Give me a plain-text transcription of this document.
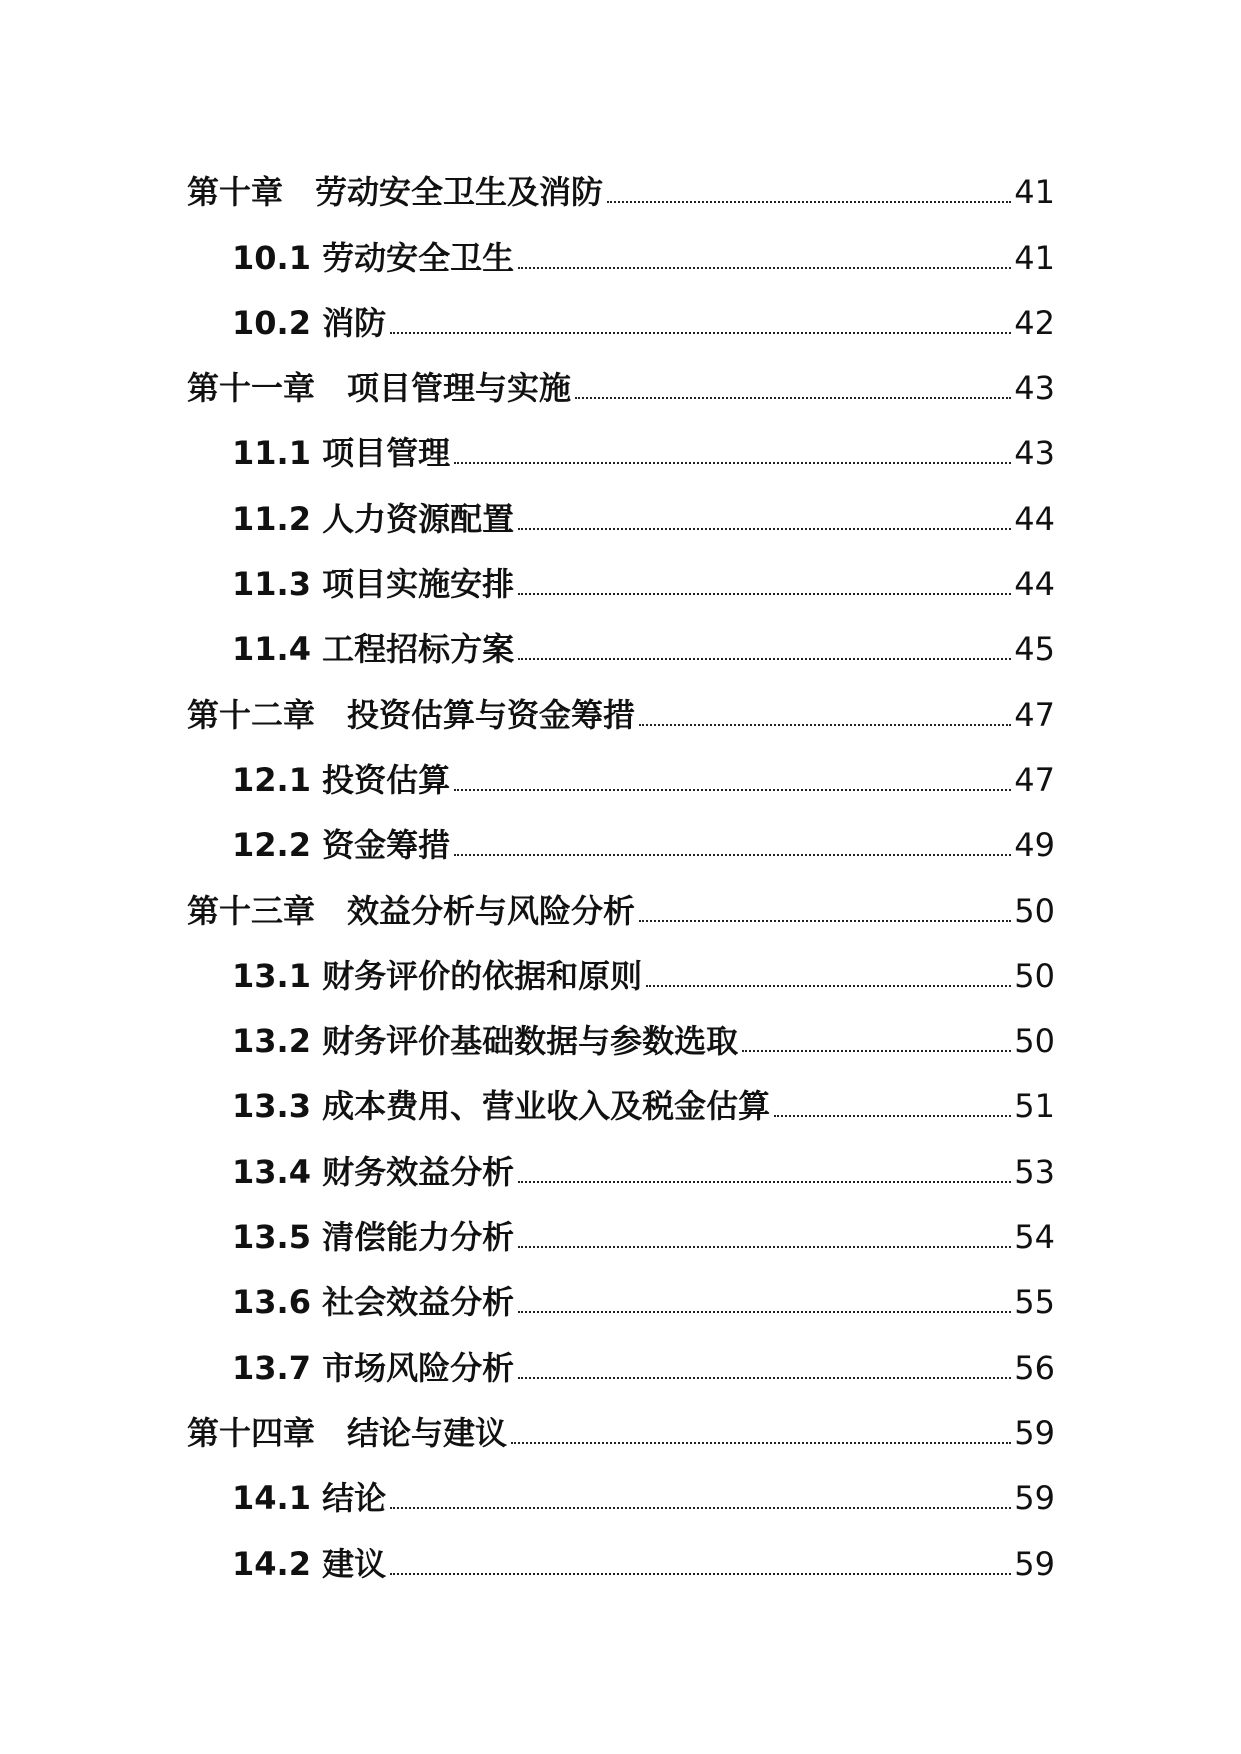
第十章　劳动安全卫生及消防	41
10.1 劳动安全卫生	41
10.2 消防	42
第十一章　项目管理与实施	43
11.1 项目管理	43
11.2 人力资源配置	44
11.3 项目实施安排	44
11.4 工程招标方案	45
第十二章　投资估算与资金筹措	47
12.1 投资估算	47
12.2 资金筹措	49
第十三章　效益分析与风险分析	50
13.1 财务评价的依据和原则	50
13.2 财务评价基础数据与参数选取	50
13.3 成本费用、营业收入及税金估算	51
13.4 财务效益分析	53
13.5 清偿能力分析	54
13.6 社会效益分析	55
13.7 市场风险分析	56
第十四章　结论与建议	59
14.1 结论	59
14.2 建议	59
